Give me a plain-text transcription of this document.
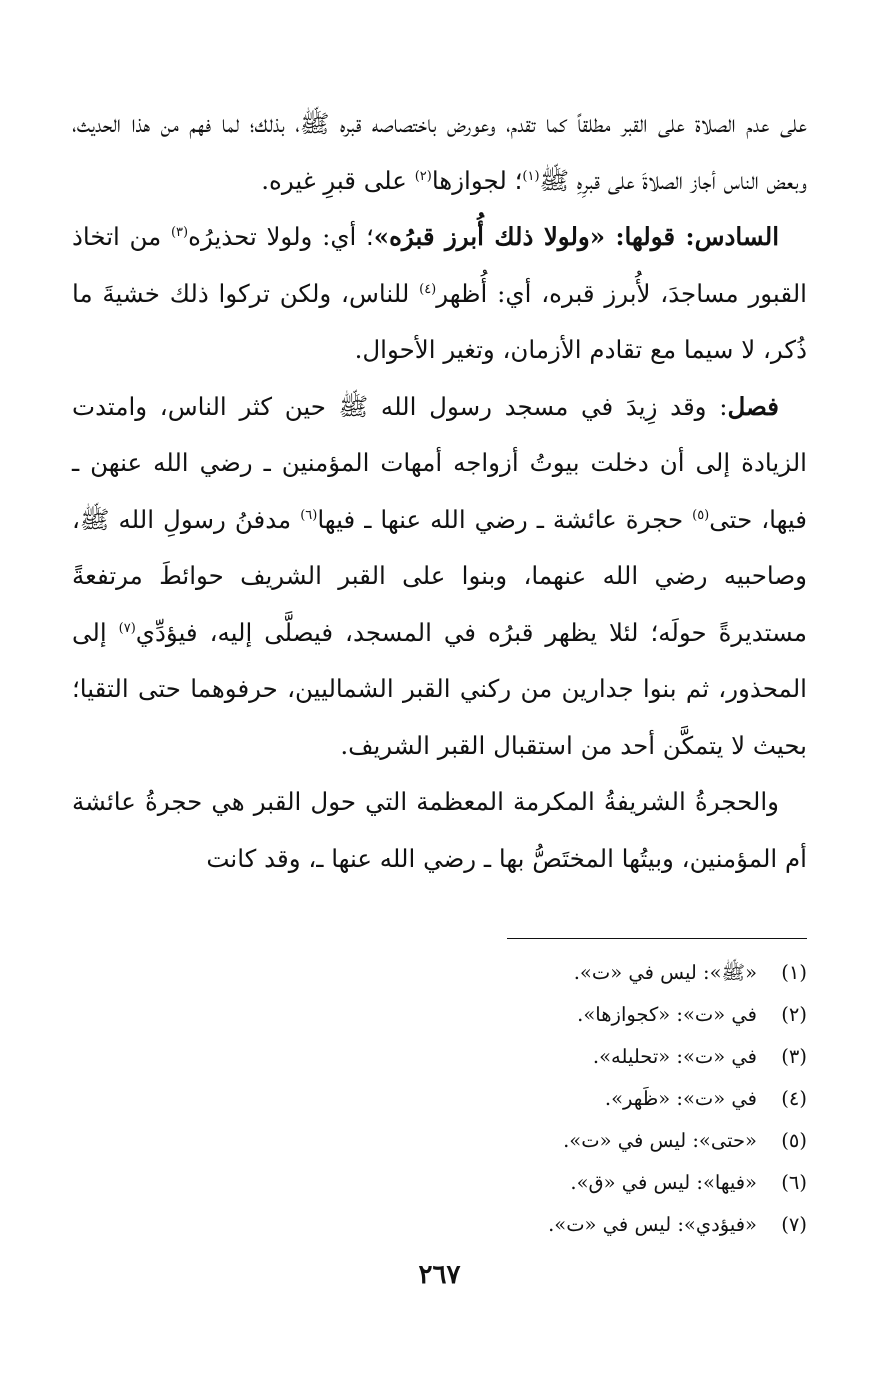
على عدم الصلاة على القبر مطلقاً كما تقدم، وعورض باختصاصه قبره ﷺ، بذلك؛ لما فهم من هذا الحديث، وبعض الناس أجاز الصلاةَ على قبرِهِ ﷺ$^{(١)}$؛ لجوازها$^{(٢)}$ على قبرِ غيره.

السادس: قولها: «ولولا ذلك أُبرز قبرُه»؛ أي: ولولا تحذيرُه$^{(٣)}$ من اتخاذ القبور مساجدَ، لأُبرز قبره، أي: أُظهر$^{(٤)}$ للناس، ولكن تركوا ذلك خشيةَ ما ذُكر، لا سيما مع تقادم الأزمان، وتغير الأحوال.

فصل: وقد زِيدَ في مسجد رسول الله ﷺ حين كثر الناس، وامتدت الزيادة إلى أن دخلت بيوتُ أزواجه أمهات المؤمنين ـ رضي الله عنهن ـ فيها، حتى$^{(٥)}$ حجرة عائشة ـ رضي الله عنها ـ فيها$^{(٦)}$ مدفنُ رسولِ الله ﷺ، وصاحبيه رضي الله عنهما، وبنوا على القبر الشريف حوائطَ مرتفعةً مستديرةً حولَه؛ لئلا يظهر قبرُه في المسجد، فيصلَّى إليه، فيؤدِّي$^{(٧)}$ إلى المحذور، ثم بنوا جدارين من ركني القبر الشماليين، حرفوهما حتى التقيا؛ بحيث لا يتمكَّن أحد من استقبال القبر الشريف.

والحجرةُ الشريفةُ المكرمة المعظمة التي حول القبر هي حجرةُ عائشة أم المؤمنين، وبيتُها المختَصُّ بها ـ رضي الله عنها ـ، وقد كانت

(١)
«ﷺ»: ليس في «ت».
(٢)
في «ت»: «كجوازها».
(٣)
في «ت»: «تحليله».
(٤)
في «ت»: «ظَهر».
(٥)
«حتى»: ليس في «ت».
(٦)
«فيها»: ليس في «ق».
(٧)
«فيؤدي»: ليس في «ت».
٢٦٧
